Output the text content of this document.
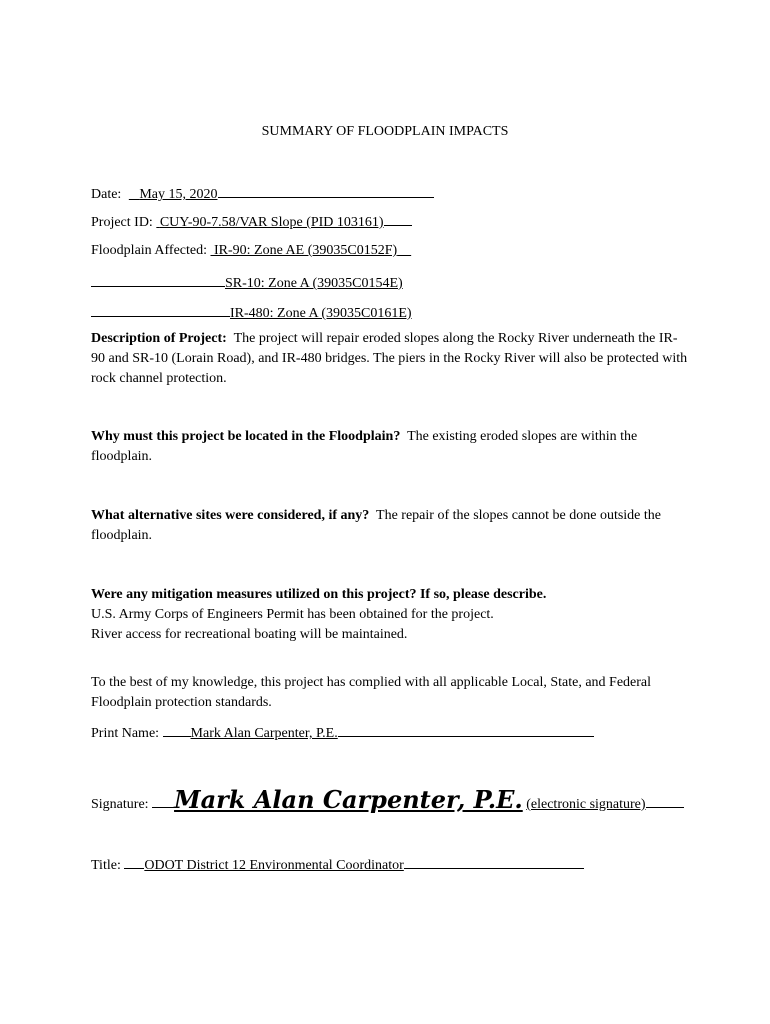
SUMMARY OF FLOODPLAIN IMPACTS
Date: May 15, 2020
Project ID: CUY-90-7.58/VAR Slope (PID 103161)
Floodplain Affected: IR-90: Zone AE (39035C0152F)
SR-10: Zone A (39035C0154E)
IR-480: Zone A (39035C0161E)
Description of Project: The project will repair eroded slopes along the Rocky River underneath the IR-90 and SR-10 (Lorain Road), and IR-480 bridges. The piers in the Rocky River will also be protected with rock channel protection.
Why must this project be located in the Floodplain? The existing eroded slopes are within the floodplain.
What alternative sites were considered, if any? The repair of the slopes cannot be done outside the floodplain.
Were any mitigation measures utilized on this project? If so, please describe.
U.S. Army Corps of Engineers Permit has been obtained for the project.
River access for recreational boating will be maintained.
To the best of my knowledge, this project has complied with all applicable Local, State, and Federal Floodplain protection standards.
Print Name: Mark Alan Carpenter, P.E.
Signature: Mark Alan Carpenter, P.E. (electronic signature)
Title: ODOT District 12 Environmental Coordinator
